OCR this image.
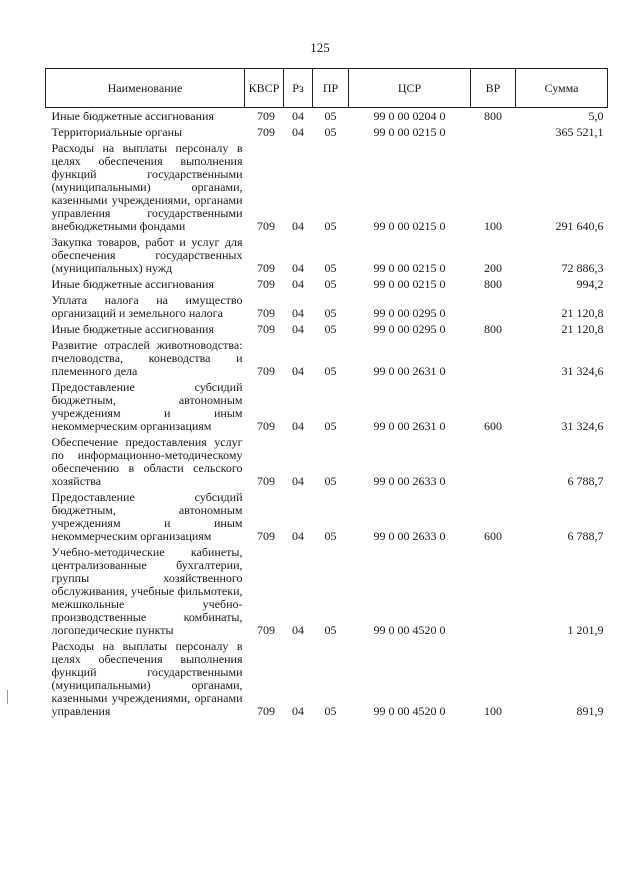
125
Наименование	КВСР	Рз	ПР	ЦСР	ВР	Сумма
Иные бюджетные ассигнования	709	04	05	99 0 00 0204 0	800	5,0
Территориальные органы	709	04	05	99 0 00 0215 0		365 521,1
Расходы на выплаты персоналу в целях обеспечения выполнения функций государственными (муниципальными) органами, казенными учреждениями, органами управления государственными внебюджетными фондами	709	04	05	99 0 00 0215 0	100	291 640,6
Закупка товаров, работ и услуг для обеспечения государственных (муниципальных) нужд	709	04	05	99 0 00 0215 0	200	72 886,3
Иные бюджетные ассигнования	709	04	05	99 0 00 0215 0	800	994,2
Уплата налога на имущество организаций и земельного налога	709	04	05	99 0 00 0295 0		21 120,8
Иные бюджетные ассигнования	709	04	05	99 0 00 0295 0	800	21 120,8
Развитие отраслей животноводства: пчеловодства, коневодства и племенного дела	709	04	05	99 0 00 2631 0		31 324,6
Предоставление субсидий бюджетным, автономным учреждениям и иным некоммерческим организациям	709	04	05	99 0 00 2631 0	600	31 324,6
Обеспечение предоставления услуг по информационно-методическому обеспечению в области сельского хозяйства	709	04	05	99 0 00 2633 0		6 788,7
Предоставление субсидий бюджетным, автономным учреждениям и иным некоммерческим организациям	709	04	05	99 0 00 2633 0	600	6 788,7
Учебно-методические кабинеты, централизованные бухгалтерии, группы хозяйственного обслуживания, учебные фильмотеки, межшкольные учебно-производственные комбинаты, логопедические пункты	709	04	05	99 0 00 4520 0		1 201,9
Расходы на выплаты персоналу в целях обеспечения выполнения функций государственными (муниципальными) органами, казенными учреждениями, органами управления	709	04	05	99 0 00 4520 0	100	891,9
